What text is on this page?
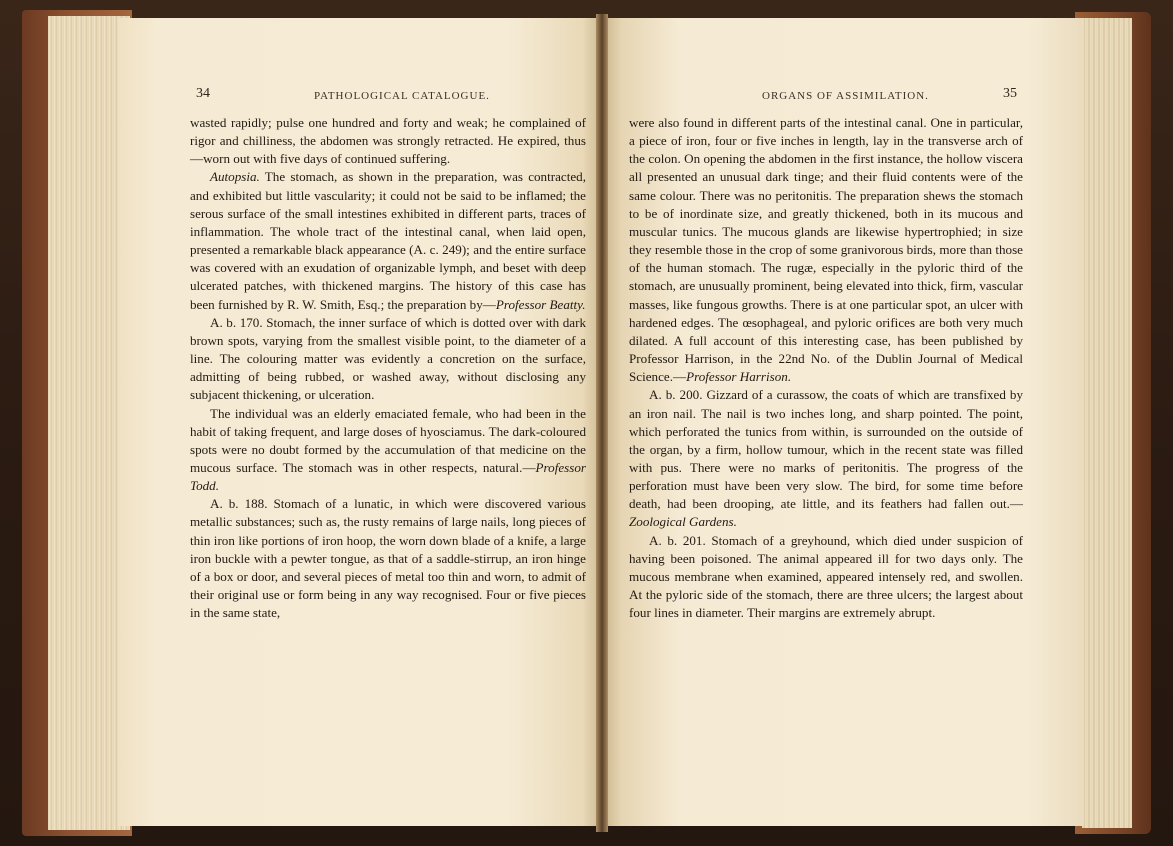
34	PATHOLOGICAL CATALOGUE.	ORGANS OF ASSIMILATION.	35

wasted rapidly; pulse one hundred and forty and weak; he complained of rigor and chilliness, the abdomen was strongly retracted. He expired, thus—worn out with five days of continued suffering.

Autopsia. The stomach, as shown in the preparation, was contracted, and exhibited but little vascularity; it could not be said to be inflamed; the serous surface of the small intestines exhibited in different parts, traces of inflammation. The whole tract of the intestinal canal, when laid open, presented a remarkable black appearance (A. c. 249); and the entire surface was covered with an exudation of organizable lymph, and beset with deep ulcerated patches, with thickened margins. The history of this case has been furnished by R. W. Smith, Esq.; the preparation by—Professor Beatty.

A. b. 170. Stomach, the inner surface of which is dotted over with dark brown spots, varying from the smallest visible point, to the diameter of a line. The colouring matter was evidently a concretion on the surface, admitting of being rubbed, or washed away, without disclosing any subjacent thickening, or ulceration.

The individual was an elderly emaciated female, who had been in the habit of taking frequent, and large doses of hyosciamus. The dark-coloured spots were no doubt formed by the accumulation of that medicine on the mucous surface. The stomach was in other respects, natural.—Professor Todd.

A. b. 188. Stomach of a lunatic, in which were discovered various metallic substances; such as, the rusty remains of large nails, long pieces of thin iron like portions of iron hoop, the worn down blade of a knife, a large iron buckle with a pewter tongue, as that of a saddle-stirrup, an iron hinge of a box or door, and several pieces of metal too thin and worn, to admit of their original use or form being in any way recognised. Four or five pieces in the same state,

were also found in different parts of the intestinal canal. One in particular, a piece of iron, four or five inches in length, lay in the transverse arch of the colon. On opening the abdomen in the first instance, the hollow viscera all presented an unusual dark tinge; and their fluid contents were of the same colour. There was no peritonitis. The preparation shews the stomach to be of inordinate size, and greatly thickened, both in its mucous and muscular tunics. The mucous glands are likewise hypertrophied; in size they resemble those in the crop of some granivorous birds, more than those of the human stomach. The rugæ, especially in the pyloric third of the stomach, are unusually prominent, being elevated into thick, firm, vascular masses, like fungous growths. There is at one particular spot, an ulcer with hardened edges. The œsophageal, and pyloric orifices are both very much dilated. A full account of this interesting case, has been published by Professor Harrison, in the 22nd No. of the Dublin Journal of Medical Science.—Professor Harrison.

A. b. 200. Gizzard of a curassow, the coats of which are transfixed by an iron nail. The nail is two inches long, and sharp pointed. The point, which perforated the tunics from within, is surrounded on the outside of the organ, by a firm, hollow tumour, which in the recent state was filled with pus. There were no marks of peritonitis. The progress of the perforation must have been very slow. The bird, for some time before death, had been drooping, ate little, and its feathers had fallen out.—Zoological Gardens.

A. b. 201. Stomach of a greyhound, which died under suspicion of having been poisoned. The animal appeared ill for two days only. The mucous membrane when examined, appeared intensely red, and swollen. At the pyloric side of the stomach, there are three ulcers; the largest about four lines in diameter. Their margins are extremely abrupt.
